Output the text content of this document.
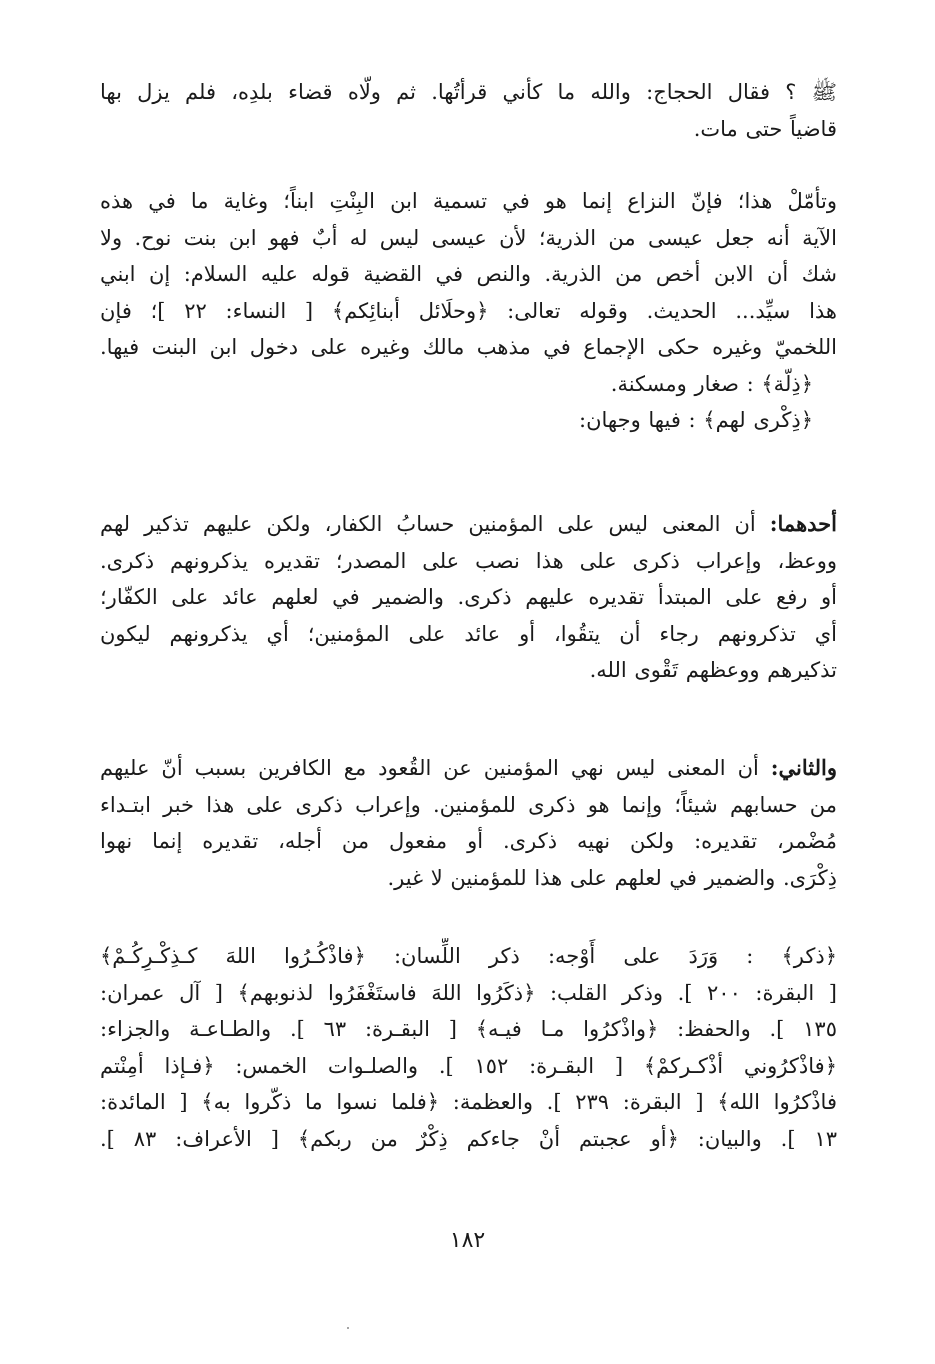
ﷺ ؟ فقال الحجاج: والله ما كأني قرأتُها. ثم ولّاه قضاء بلدِه، فلم يزل بها
قاضياً حتى مات.
وتأمّلْ هذا؛ فإنّ النزاع إنما هو في تسمية ابن البِنْتِ ابناً؛ وغاية ما في هذه
الآية أنه جعل عيسى من الذرية؛ لأن عيسى ليس له أبٌ فهو ابن بنت نوح. ولا
شك أن الابن أخص من الذرية. والنص في القضية قوله عليه السلام: إن ابني
هذا سيِّد... الحديث. وقوله تعالى: ﴿وحلَائل أبنائِكم﴾ [ النساء: ٢٢ ]؛ فإن
اللخميّ وغيره حكى الإجماع في مذهب مالك وغيره على دخول ابن البنت فيها.
﴿ذِلّة﴾ : صغار ومسكنة.
﴿ذِكْرى لهم﴾ : فيها وجهان:
أحدهما: أن المعنى ليس على المؤمنين حسابُ الكفار، ولكن عليهم تذكير لهم
ووعظ، وإعراب ذكرى على هذا نصب على المصدر؛ تقديره يذكرونهم ذكرى.
أو رفع على المبتدأ تقديره عليهم ذكرى. والضمير في لعلهم عائد على الكفّار؛
أي تذكرونهم رجاء أن يتقُوا، أو عائد على المؤمنين؛ أي يذكرونهم ليكون
تذكيرهم ووعظهم تَقْوى الله.
والثاني: أن المعنى ليس نهي المؤمنين عن القُعود مع الكافرين بسبب أنّ عليهم
من حسابهم شيئاً؛ وإنما هو ذكرى للمؤمنين. وإعراب ذكرى على هذا خبر ابتـداء
مُضْمر، تقديره: ولكن نهيه ذكرى. أو مفعول من أجله، تقديره إنما نهوا
ذِكْرَى. والضمير في لعلهم على هذا للمؤمنين لا غير.
﴿ذكر﴾ : وَرَدَ على أَوْجه: ذكر اللِّسان: ﴿فاذْكُـرُوا اللهَ كـذِكْـرِكُـمْ﴾
[ البقرة: ٢٠٠ ]. وذكر القلب: ﴿ذكَرُوا اللهَ فاستَغْفَرُوا لذنوبهم﴾ [ آل عمران:
١٣٥ ]. والحفظ: ﴿واذْكرُوا مـا فيـه﴾ [ البقـرة: ٦٣ ]. والطـاعـة والجزاء:
﴿فاذْكرُوني أذْكـركمْ﴾ [ البقـرة: ١٥٢ ]. والصلـوات الخمس: ﴿فـإذا أمِنْتم
فاذْكرُوا الله﴾ [ البقرة: ٢٣٩ ]. والعظمة: ﴿فلما نسوا ما ذكّروا به﴾ [ المائدة:
١٣ ]. والبيان: ﴿أو عجبتم أنْ جاءكم ذِكْرٌ من ربكم﴾ [ الأعراف: ٨٣ ].
١٨٢
